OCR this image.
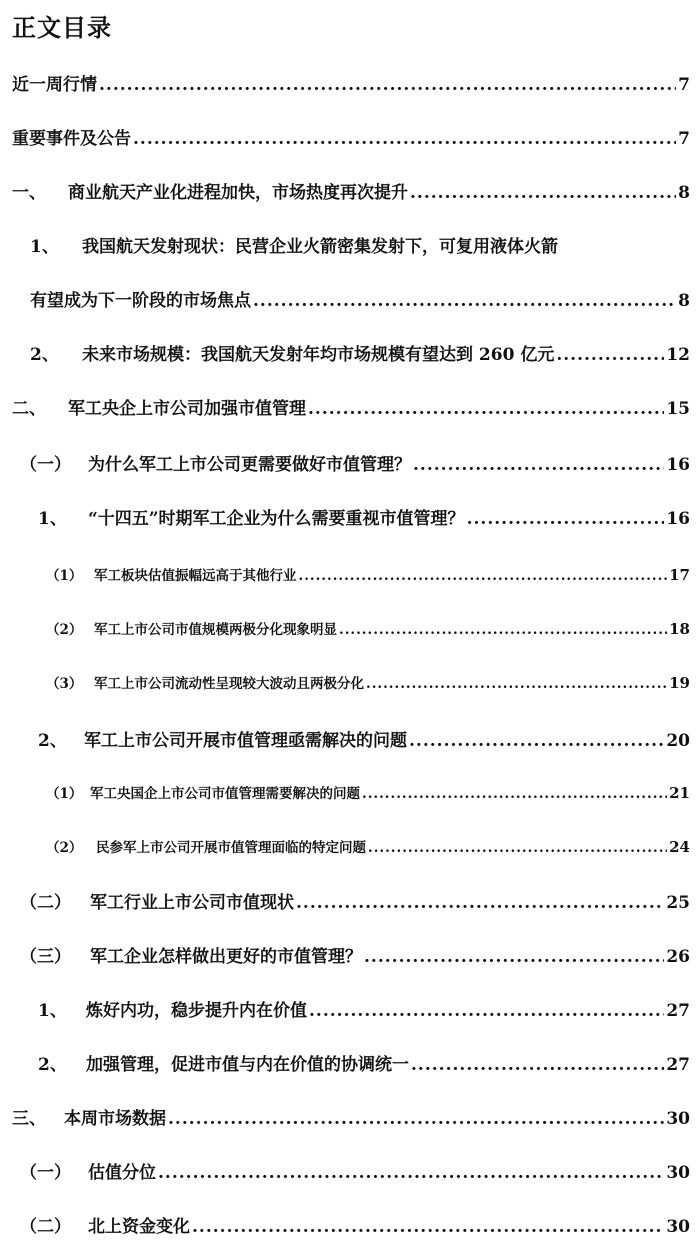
正文目录
近一周行情 .....	7
重要事件及公告 .....	7
一、	商业航天产业化进程加快，市场热度再次提升 .....	8
1、 我国航天发射现状：民营企业火箭密集发射下，可复用液体火箭
有望成为下一阶段的市场焦点 .....	8
2、	未来市场规模：我国航天发射年均市场规模有望达到 260 亿元 .....	12
二、	军工央企上市公司加强市值管理 .....	15
（一）	为什么军工上市公司更需要做好市值管理？ .....	16
1、	“十四五”时期军工企业为什么需要重视市值管理？ .....	16
（1） 军工板块估值振幅远高于其他行业 .....	17
（2） 军工上市公司市值规模两极分化现象明显 .....	18
（3） 军工上市公司流动性呈现较大波动且两极分化 .....	19
2、	军工上市公司开展市值管理亟需解决的问题 .....	20
（1） 军工央国企上市公司市值管理需要解决的问题 .....	21
（2）	民参军上市公司开展市值管理面临的特定问题 .....	24
（二）	军工行业上市公司市值现状 .....	25
（三）	军工企业怎样做出更好的市值管理？ .....	26
1、	炼好内功，稳步提升内在价值 .....	27
2、	加强管理，促进市值与内在价值的协调统一 .....	27
三、	本周市场数据 .....	30
（一）	估值分位 .....	30
（二）	北上资金变化 .....	30
